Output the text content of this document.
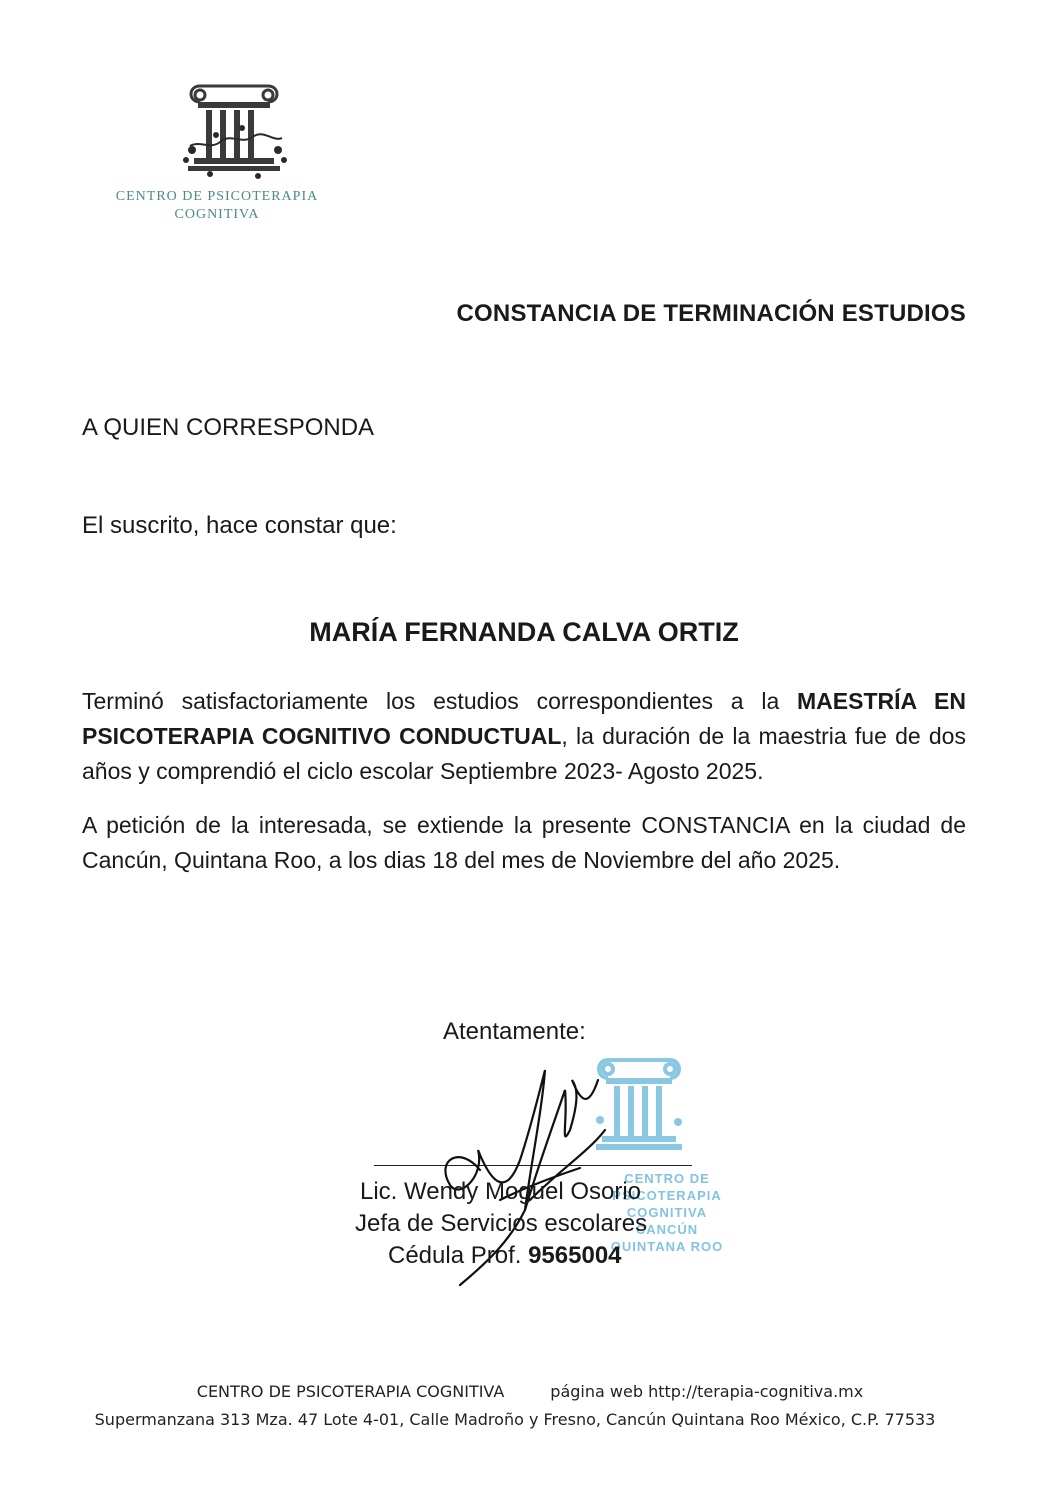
CENTRO DE PSICOTERAPIA
COGNITIVA
CONSTANCIA DE TERMINACIÓN ESTUDIOS
A QUIEN CORRESPONDA
El suscrito, hace constar que:
MARÍA FERNANDA CALVA ORTIZ
Terminó satisfactoriamente los estudios correspondientes a la MAESTRÍA EN PSICOTERAPIA COGNITIVO CONDUCTUAL, la duración de la maestria fue de dos años y comprendió el ciclo escolar Septiembre 2023- Agosto 2025.
A petición de la interesada, se extiende la presente CONSTANCIA en la ciudad de Cancún, Quintana Roo, a los dias 18 del mes de Noviembre del año 2025.
Atentamente:
CENTRO DE PSICOTERAPIA
COGNITIVA
CANCÚN
QUINTANA ROO
Lic. Wendy Moguel Osorio
Jefa de Servicios escolares
Cédula Prof. 9565004
CENTRO DE PSICOTERAPIA COGNITIVA	página web http://terapia-cognitiva.mx
Supermanzana 313 Mza. 47 Lote 4-01, Calle Madroño y Fresno, Cancún Quintana Roo México, C.P. 77533
